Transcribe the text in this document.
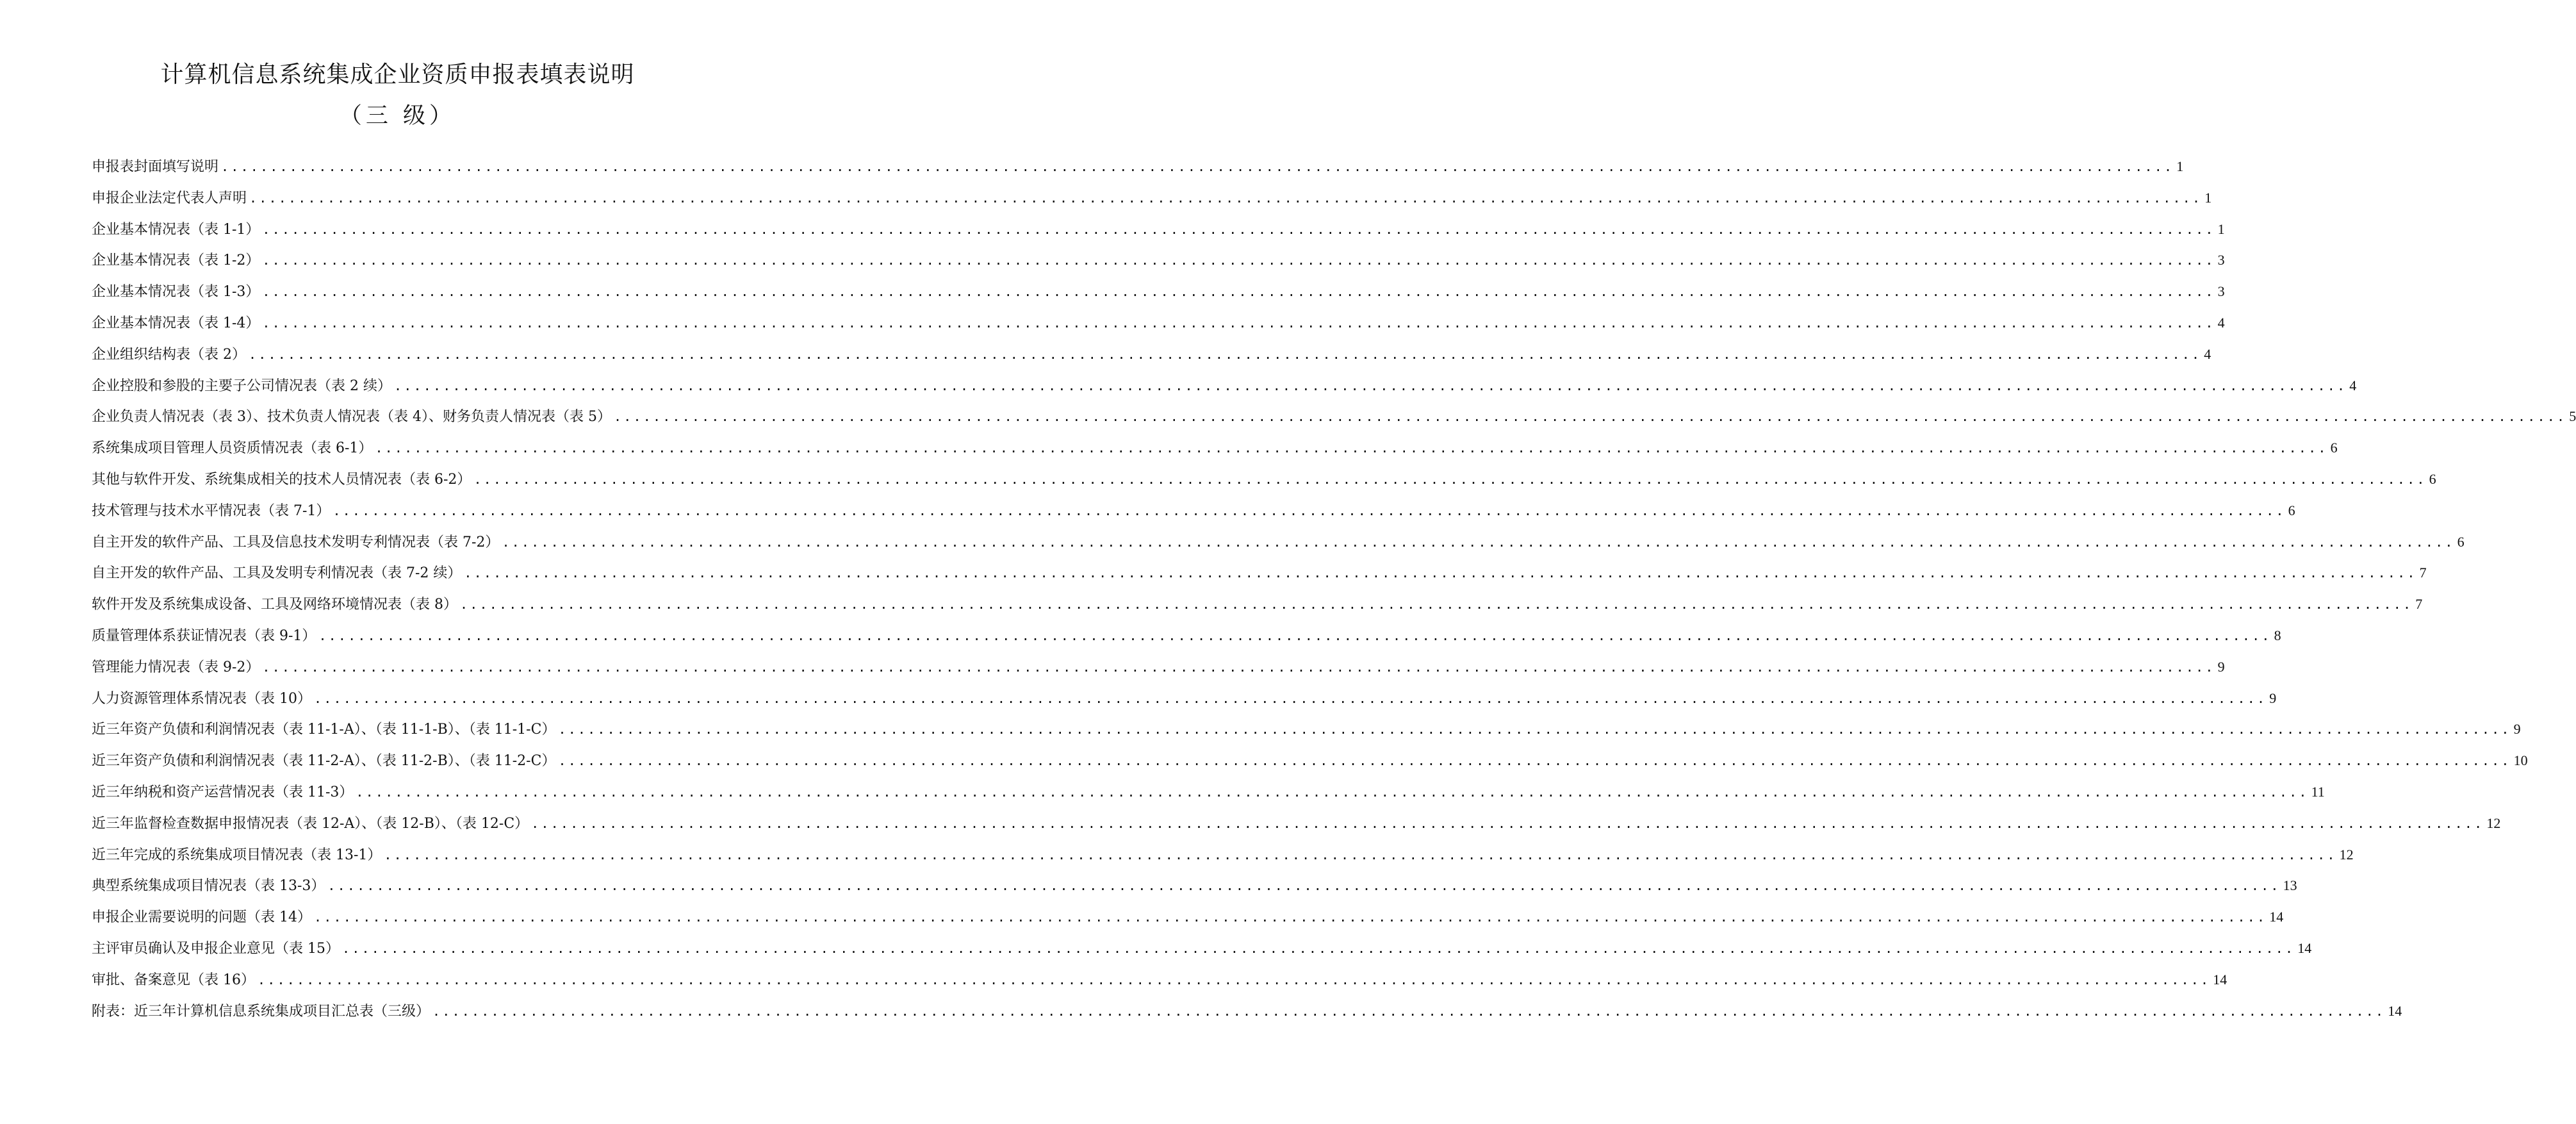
计算机信息系统集成企业资质申报表填表说明
（三 级）
申报表封面填写说明 ........................................................................................................................................................................................................ 1
申报企业法定代表人声明 ........................................................................................................................................................................................................ 1
企业基本情况表（表 1-1） ........................................................................................................................................................................................................ 1
企业基本情况表（表 1-2） ........................................................................................................................................................................................................ 3
企业基本情况表（表 1-3） ........................................................................................................................................................................................................ 3
企业基本情况表（表 1-4） ........................................................................................................................................................................................................ 4
企业组织结构表（表 2） ........................................................................................................................................................................................................ 4
企业控股和参股的主要子公司情况表（表 2 续） ........................................................................................................................................................................................................ 4
企业负责人情况表（表 3）、技术负责人情况表（表 4）、财务负责人情况表（表 5） ........................................................................................................................................................................................................ 5
系统集成项目管理人员资质情况表（表 6-1） ........................................................................................................................................................................................................ 6
其他与软件开发、系统集成相关的技术人员情况表（表 6-2） ........................................................................................................................................................................................................ 6
技术管理与技术水平情况表（表 7-1） ........................................................................................................................................................................................................ 6
自主开发的软件产品、工具及信息技术发明专利情况表（表 7-2） ........................................................................................................................................................................................................ 6
自主开发的软件产品、工具及发明专利情况表（表 7-2 续） ........................................................................................................................................................................................................ 7
软件开发及系统集成设备、工具及网络环境情况表（表 8） ........................................................................................................................................................................................................ 7
质量管理体系获证情况表（表 9-1） ........................................................................................................................................................................................................ 8
管理能力情况表（表 9-2） ........................................................................................................................................................................................................ 9
人力资源管理体系情况表（表 10） ........................................................................................................................................................................................................ 9
近三年资产负债和利润情况表（表 11-1-A）、（表 11-1-B）、（表 11-1-C） ........................................................................................................................................................................................................ 9
近三年资产负债和利润情况表（表 11-2-A）、（表 11-2-B）、（表 11-2-C） ........................................................................................................................................................................................................ 10
近三年纳税和资产运营情况表（表 11-3） ........................................................................................................................................................................................................ 11
近三年监督检查数据申报情况表（表 12-A）、（表 12-B）、（表 12-C） ........................................................................................................................................................................................................ 12
近三年完成的系统集成项目情况表（表 13-1） ........................................................................................................................................................................................................ 12
典型系统集成项目情况表（表 13-3） ........................................................................................................................................................................................................ 13
申报企业需要说明的问题（表 14） ........................................................................................................................................................................................................ 14
主评审员确认及申报企业意见（表 15） ........................................................................................................................................................................................................ 14
审批、备案意见（表 16） ........................................................................................................................................................................................................ 14
附表：近三年计算机信息系统集成项目汇总表（三级） ........................................................................................................................................................................................................ 14
